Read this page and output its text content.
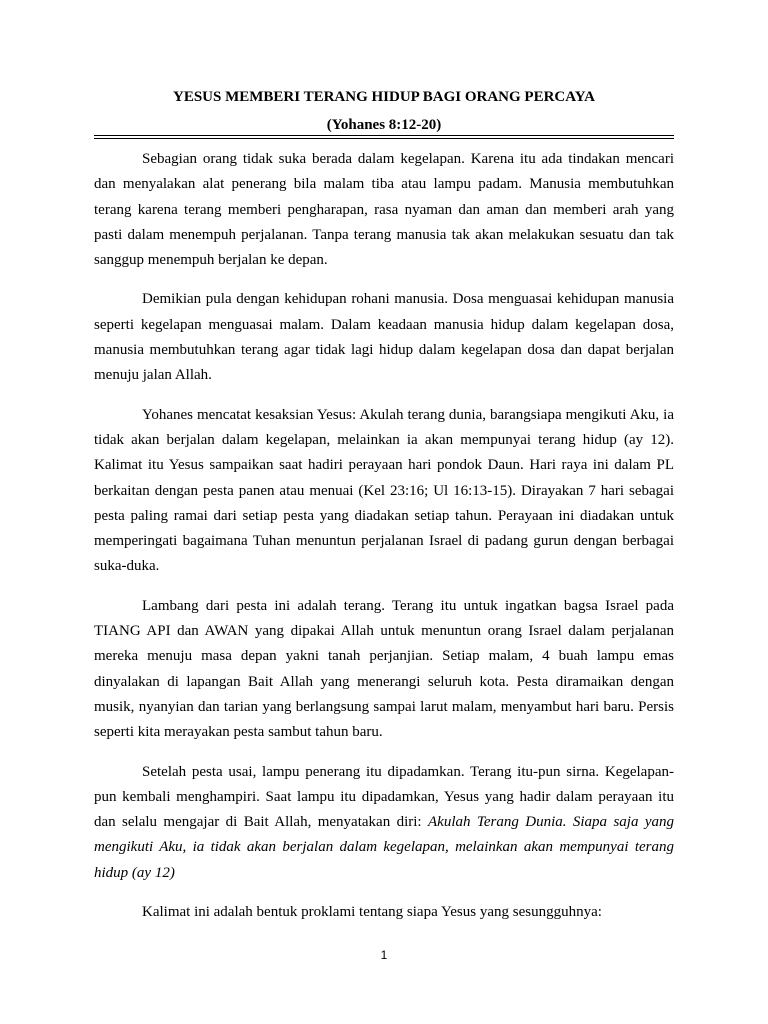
YESUS MEMBERI TERANG HIDUP BAGI ORANG PERCAYA
(Yohanes 8:12-20)

Sebagian orang tidak suka berada dalam kegelapan. Karena itu ada tindakan mencari dan menyalakan alat penerang bila malam tiba atau lampu padam. Manusia membutuhkan terang karena terang memberi pengharapan, rasa nyaman dan aman dan memberi arah yang pasti dalam menempuh perjalanan. Tanpa terang manusia tak akan melakukan sesuatu dan tak sanggup menempuh berjalan ke depan.

Demikian pula dengan kehidupan rohani manusia. Dosa menguasai kehidupan manusia seperti kegelapan menguasai malam. Dalam keadaan manusia hidup dalam kegelapan dosa, manusia membutuhkan terang agar tidak lagi hidup dalam kegelapan dosa dan dapat berjalan menuju jalan Allah.

Yohanes mencatat kesaksian Yesus: Akulah terang dunia, barangsiapa mengikuti Aku, ia tidak akan berjalan dalam kegelapan, melainkan ia akan mempunyai terang hidup (ay 12). Kalimat itu Yesus sampaikan saat hadiri perayaan hari pondok Daun. Hari raya ini dalam PL berkaitan dengan pesta panen atau menuai (Kel 23:16; Ul 16:13-15). Dirayakan 7 hari sebagai pesta paling ramai dari setiap pesta yang diadakan setiap tahun. Perayaan ini diadakan untuk memperingati bagaimana Tuhan menuntun perjalanan Israel di padang gurun dengan berbagai suka-duka.

Lambang dari pesta ini adalah terang. Terang itu untuk ingatkan bagsa Israel pada TIANG API dan AWAN yang dipakai Allah untuk menuntun orang Israel dalam perjalanan mereka menuju masa depan yakni tanah perjanjian. Setiap malam, 4 buah lampu emas dinyalakan di lapangan Bait Allah yang menerangi seluruh kota. Pesta diramaikan dengan musik, nyanyian dan tarian yang berlangsung sampai larut malam, menyambut hari baru. Persis seperti kita merayakan pesta sambut tahun baru.

Setelah pesta usai, lampu penerang itu dipadamkan. Terang itu-pun sirna. Kegelapan-pun kembali menghampiri. Saat lampu itu dipadamkan, Yesus yang hadir dalam perayaan itu dan selalu mengajar di Bait Allah, menyatakan diri: Akulah Terang Dunia. Siapa saja yang mengikuti Aku, ia tidak akan berjalan dalam kegelapan, melainkan akan mempunyai terang hidup (ay 12)

Kalimat ini adalah bentuk proklami tentang siapa Yesus yang sesungguhnya:

1
